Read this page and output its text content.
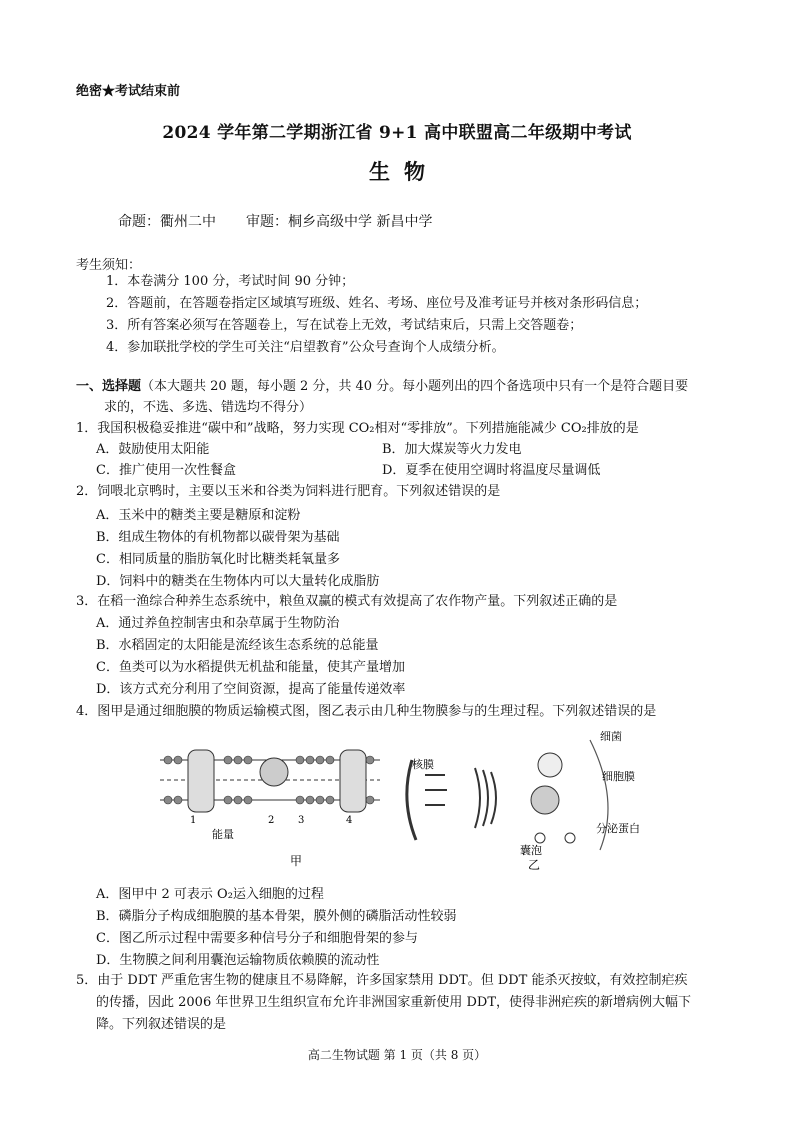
绝密★考试结束前
2024 学年第二学期浙江省 9+1 高中联盟高二年级期中考试
生物
命题：衢州二中 审题：桐乡高级中学 新昌中学
考生须知：
1．本卷满分 100 分，考试时间 90 分钟；
2．答题前，在答题卷指定区域填写班级、姓名、考场、座位号及准考证号并核对条形码信息；
3．所有答案必须写在答题卷上，写在试卷上无效，考试结束后，只需上交答题卷；
4．参加联批学校的学生可关注“启望教育”公众号查询个人成绩分析。
一、选择题（本大题共 20 题，每小题 2 分，共 40 分。每小题列出的四个备选项中只有一个是符合题目要
求的，不选、多选、错选均不得分）
1．我国积极稳妥推进“碳中和”战略，努力实现 CO₂相对“零排放”。下列措施能减少 CO₂排放的是
A．鼓励使用太阳能	B．加大煤炭等火力发电
C．推广使用一次性餐盒	D．夏季在使用空调时将温度尽量调低
2．饲喂北京鸭时，主要以玉米和谷类为饲料进行肥育。下列叙述错误的是
A．玉米中的糖类主要是糖原和淀粉
B．组成生物体的有机物都以碳骨架为基础
C．相同质量的脂肪氧化时比糖类耗氧量多
D．饲料中的糖类在生物体内可以大量转化成脂肪
3．在稻一渔综合种养生态系统中，粮鱼双赢的模式有效提高了农作物产量。下列叙述正确的是
A．通过养鱼控制害虫和杂草属于生物防治
B．水稻固定的太阳能是流经该生态系统的总能量
C．鱼类可以为水稻提供无机盐和能量，使其产量增加
D．该方式充分利用了空间资源，提高了能量传递效率
4．图甲是通过细胞膜的物质运输模式图，图乙表示由几种生物膜参与的生理过程。下列叙述错误的是
1	2 3	4
能量
甲
核膜
细菌
细胞膜
囊泡
分泌蛋白
乙
A．图甲中 2 可表示 O₂运入细胞的过程
B．磷脂分子构成细胞膜的基本骨架，膜外侧的磷脂活动性较弱
C．图乙所示过程中需要多种信号分子和细胞骨架的参与
D．生物膜之间利用囊泡运输物质依赖膜的流动性
5．由于 DDT 严重危害生物的健康且不易降解，许多国家禁用 DDT。但 DDT 能杀灭按蚊，有效控制疟疾
的传播，因此 2006 年世界卫生组织宣布允许非洲国家重新使用 DDT，使得非洲疟疾的新增病例大幅下
降。下列叙述错误的是
高二生物试题 第 1 页（共 8 页）
